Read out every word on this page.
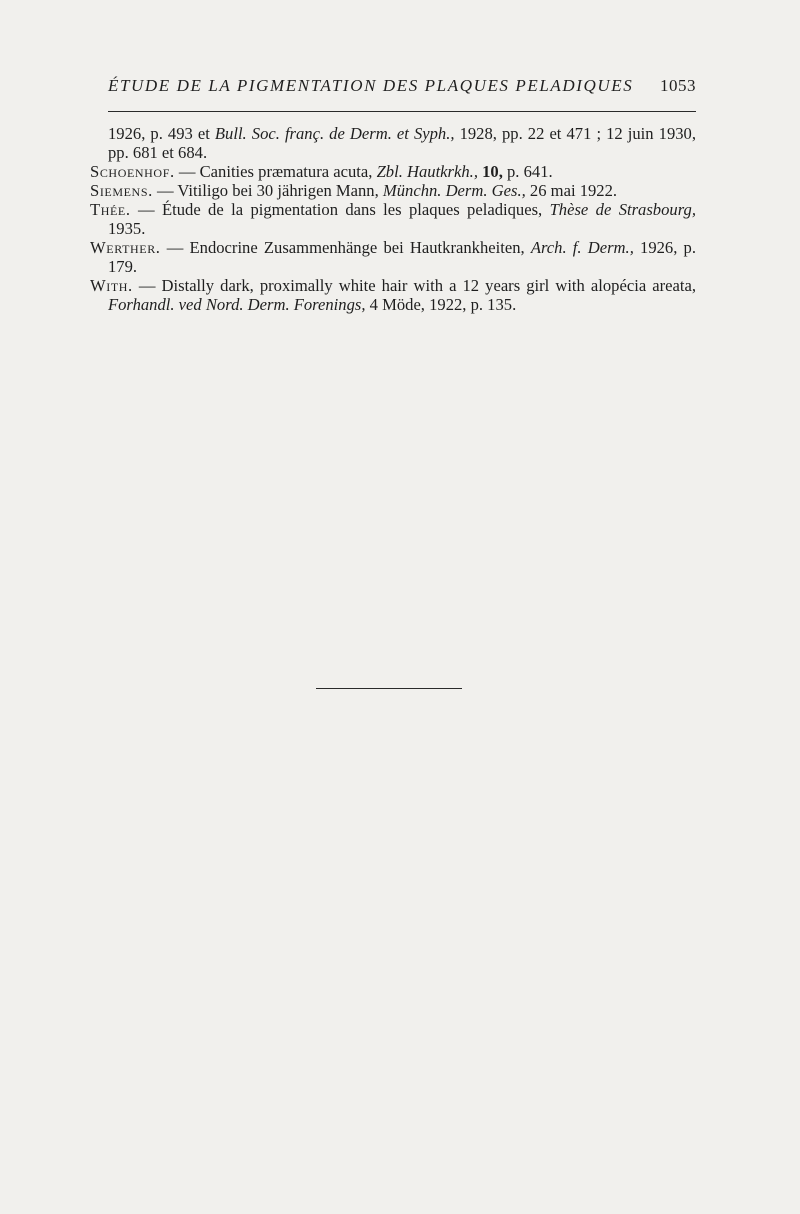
ÉTUDE DE LA PIGMENTATION DES PLAQUES PELADIQUES 1053

1926, p. 493 et Bull. Soc. franç. de Derm. et Syph., 1928, pp. 22 et 471 ; 12 juin 1930, pp. 681 et 684.

Schoenhof. — Canities præmatura acuta, Zbl. Hautkrkh., 10, p. 641.

Siemens. — Vitiligo bei 30 jährigen Mann, Münchn. Derm. Ges., 26 mai 1922.

Thée. — Étude de la pigmentation dans les plaques peladiques, Thèse de Strasbourg, 1935.

Werther. — Endocrine Zusammenhänge bei Hautkrankheiten, Arch. f. Derm., 1926, p. 179.

With. — Distally dark, proximally white hair with a 12 years girl with alopécia areata, Forhandl. ved Nord. Derm. Forenings, 4 Möde, 1922, p. 135.
